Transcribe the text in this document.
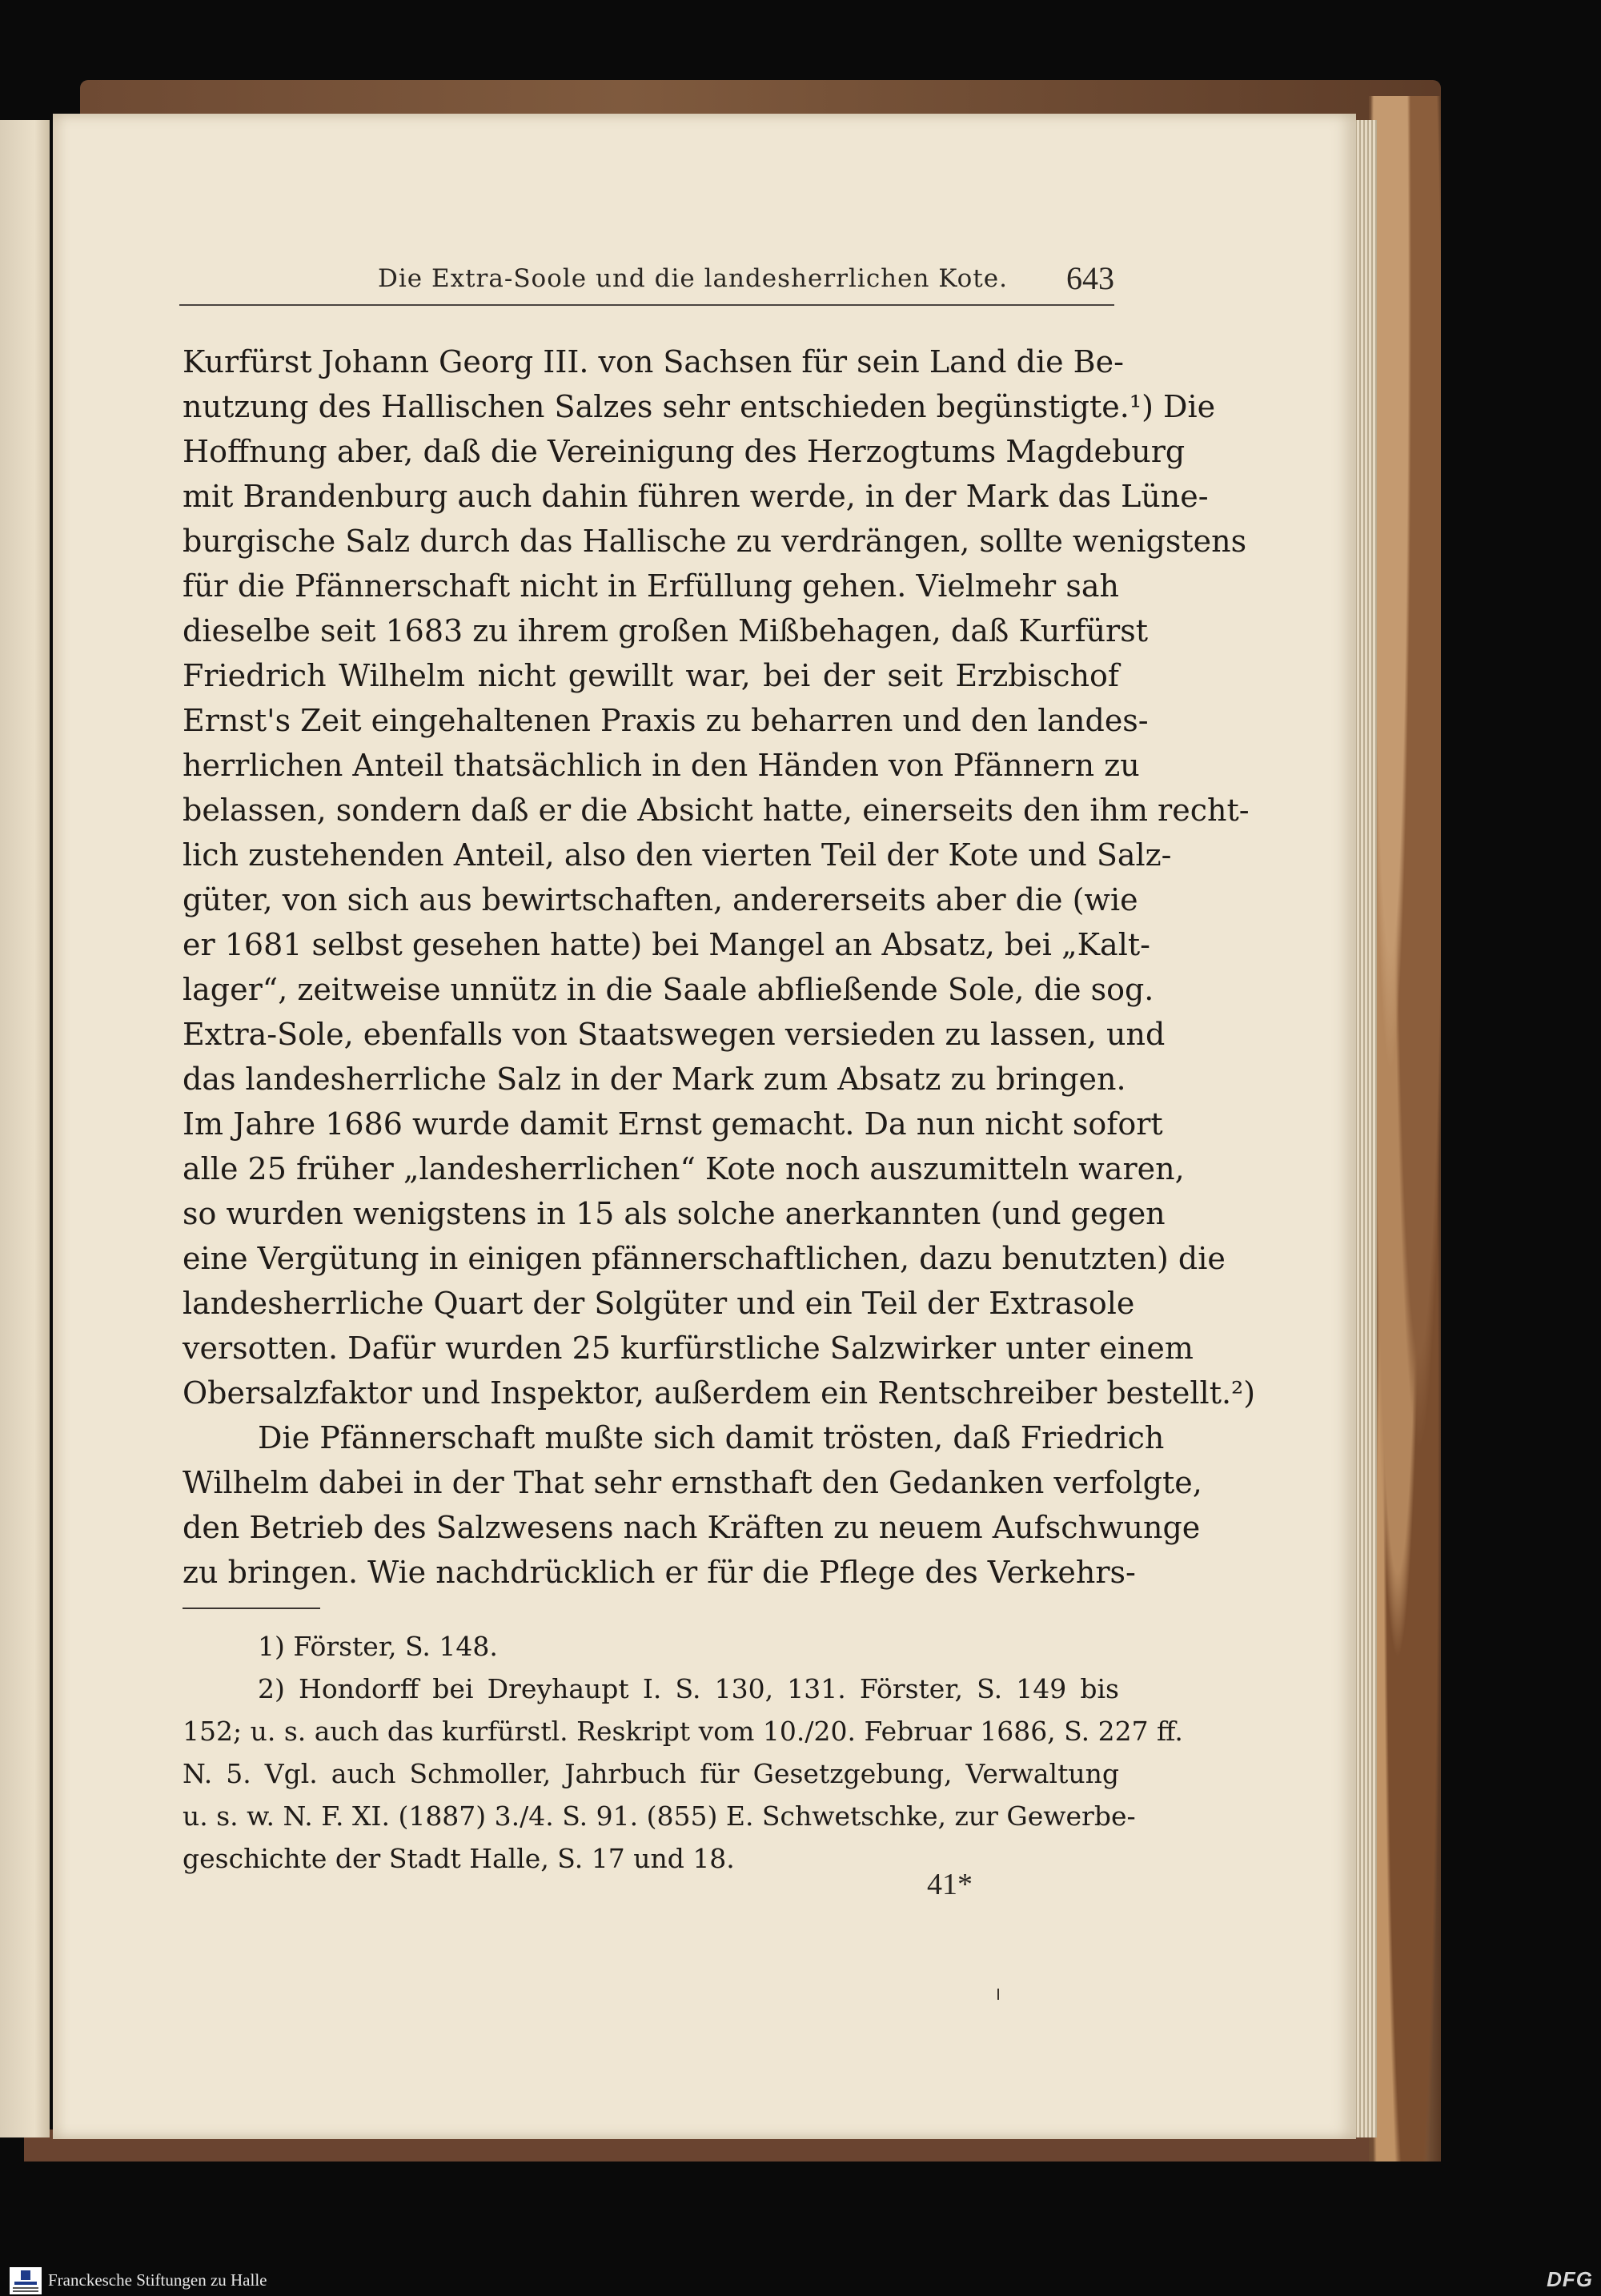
Die Extra-Soole und die landesherrlichen Kote. 643
Kurfürst Johann Georg III. von Sachsen für sein Land die Be-
nutzung des Hallischen Salzes sehr entschieden begünstigte.¹) Die
Hoffnung aber, daß die Vereinigung des Herzogtums Magdeburg
mit Brandenburg auch dahin führen werde, in der Mark das Lüne-
burgische Salz durch das Hallische zu verdrängen, sollte wenigstens
für die Pfännerschaft nicht in Erfüllung gehen. Vielmehr sah
dieselbe seit 1683 zu ihrem großen Mißbehagen, daß Kurfürst
Friedrich Wilhelm nicht gewillt war, bei der seit Erzbischof
Ernst's Zeit eingehaltenen Praxis zu beharren und den landes-
herrlichen Anteil thatsächlich in den Händen von Pfännern zu
belassen, sondern daß er die Absicht hatte, einerseits den ihm recht-
lich zustehenden Anteil, also den vierten Teil der Kote und Salz-
güter, von sich aus bewirtschaften, andererseits aber die (wie
er 1681 selbst gesehen hatte) bei Mangel an Absatz, bei „Kalt-
lager“, zeitweise unnütz in die Saale abfließende Sole, die sog.
Extra-Sole, ebenfalls von Staatswegen versieden zu lassen, und
das landesherrliche Salz in der Mark zum Absatz zu bringen.
Im Jahre 1686 wurde damit Ernst gemacht. Da nun nicht sofort
alle 25 früher „landesherrlichen“ Kote noch auszumitteln waren,
so wurden wenigstens in 15 als solche anerkannten (und gegen
eine Vergütung in einigen pfännerschaftlichen, dazu benutzten) die
landesherrliche Quart der Solgüter und ein Teil der Extrasole
versotten. Dafür wurden 25 kurfürstliche Salzwirker unter einem
Obersalzfaktor und Inspektor, außerdem ein Rentschreiber bestellt.²)
Die Pfännerschaft mußte sich damit trösten, daß Friedrich
Wilhelm dabei in der That sehr ernsthaft den Gedanken verfolgte,
den Betrieb des Salzwesens nach Kräften zu neuem Aufschwunge
zu bringen. Wie nachdrücklich er für die Pflege des Verkehrs-
1) Förster, S. 148.
2) Hondorff bei Dreyhaupt I. S. 130, 131. Förster, S. 149 bis
152; u. s. auch das kurfürstl. Reskript vom 10./20. Februar 1686, S. 227 ff.
N. 5. Vgl. auch Schmoller, Jahrbuch für Gesetzgebung, Verwaltung
u. s. w. N. F. XI. (1887) 3./4. S. 91. (855) E. Schwetschke, zur Gewerbe-
geschichte der Stadt Halle, S. 17 und 18.
41*
Franckesche Stiftungen zu Halle	DFG
